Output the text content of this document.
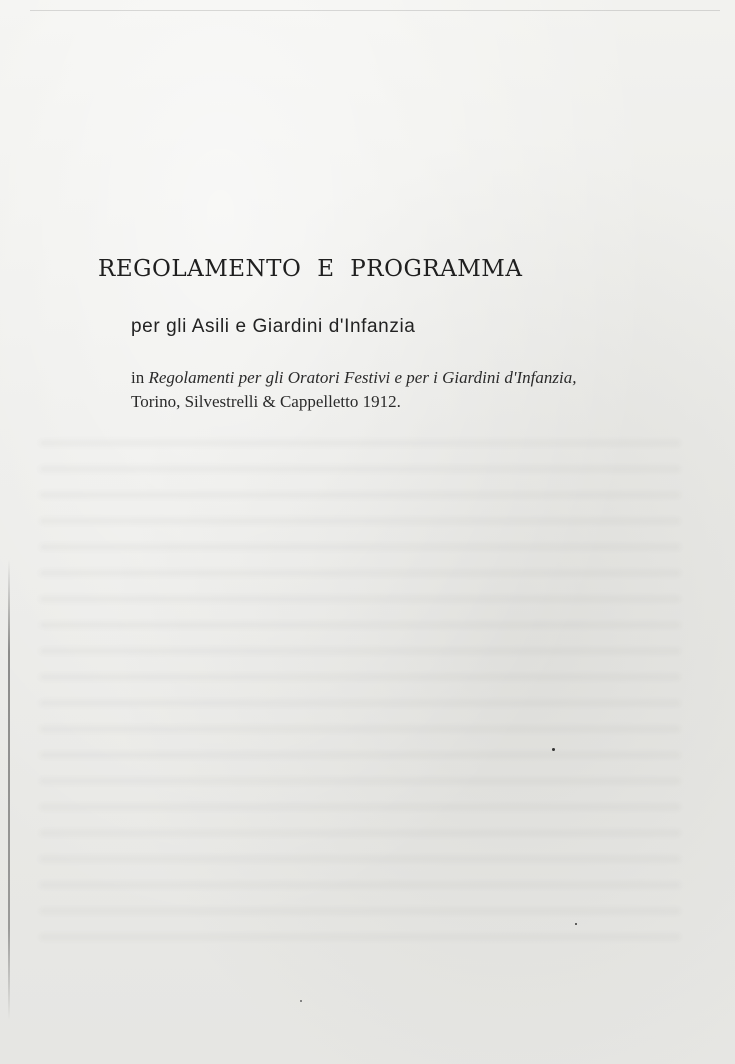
REGOLAMENTO E PROGRAMMA
per gli Asili e Giardini d'Infanzia
in Regolamenti per gli Oratori Festivi e per i Giardini d'Infanzia, Torino, Silvestrelli & Cappelletto 1912.
